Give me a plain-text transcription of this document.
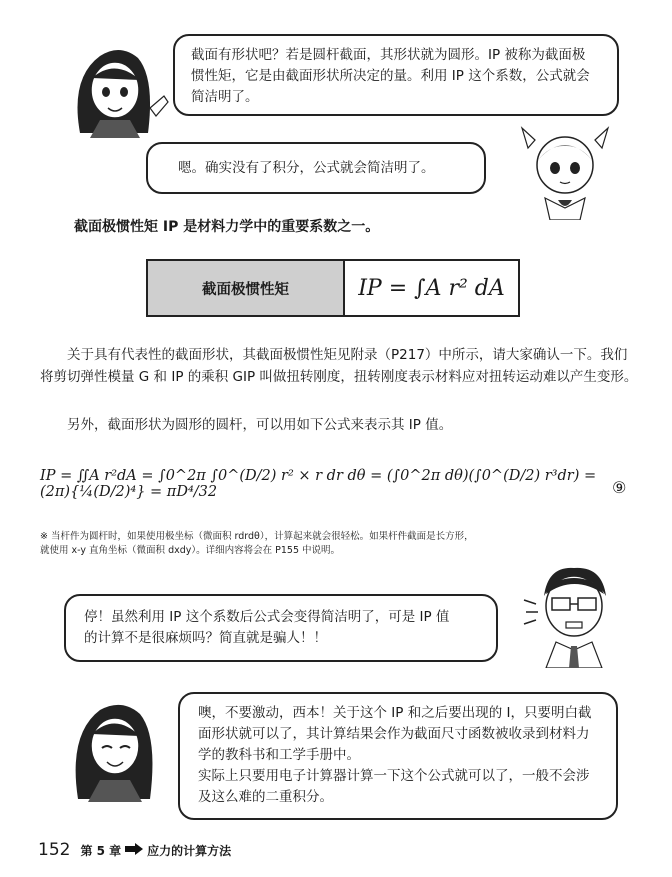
截面有形状吧？若是圆杆截面，其形状就为圆形。IP 被称为截面极
惯性矩，它是由截面形状所决定的量。利用 IP 这个系数，公式就会
简洁明了。
嗯。确实没有了积分，公式就会简洁明了。
截面极惯性矩 IP 是材料力学中的重要系数之一。
截面极惯性矩	IP = ∫A r² dA
关于具有代表性的截面形状，其截面极惯性矩见附录（P217）中所示，请大家确认一下。我们将剪切弹性模量 G 和 IP 的乘积 GIP 叫做扭转刚度，扭转刚度表示材料应对扭转运动难以产生变形。
另外，截面形状为圆形的圆杆，可以用如下公式来表示其 IP 值。
IP = ∬A r²dA = ∫0^2π ∫0^(D/2) r² × r dr dθ = (∫0^2π dθ)(∫0^(D/2) r³dr) = (2π){¼(D/2)⁴} = πD⁴/32	⑨
※ 当杆件为圆杆时，如果使用极坐标（微面积 rdrdθ），计算起来就会很轻松。如果杆件截面是长方形，
就使用 x-y 直角坐标（微面积 dxdy）。详细内容将会在 P155 中说明。
停！虽然利用 IP 这个系数后公式会变得简洁明了，可是 IP 值
的计算不是很麻烦吗？简直就是骗人！！
噢，不要激动，西本！关于这个 IP 和之后要出现的 I，只要明白截
面形状就可以了，其计算结果会作为截面尺寸函数被收录到材料力
学的教科书和工学手册中。
实际上只要用电子计算器计算一下这个公式就可以了，一般不会涉
及这么难的二重积分。
152 第 5 章 应力的计算方法
